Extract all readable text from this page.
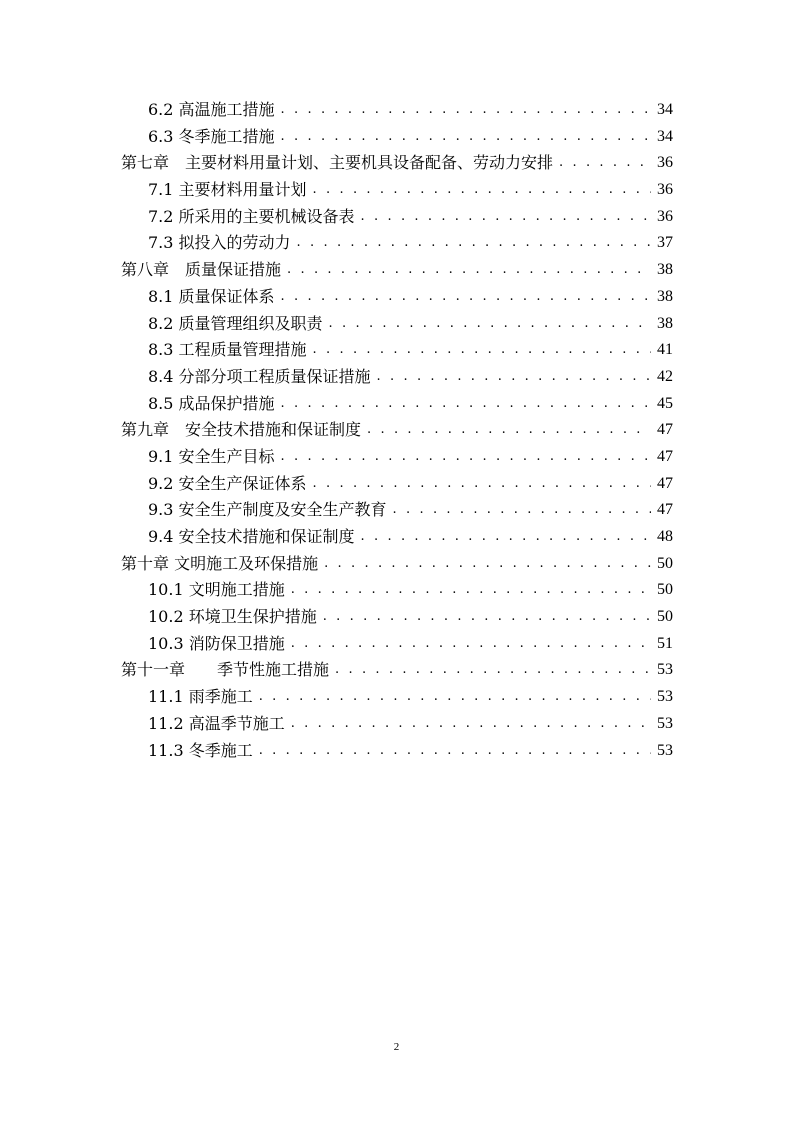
6.2 高温施工措施 . . .	34
6.3 冬季施工措施 . . .	34
第七章　主要材料用量计划、主要机具设备配备、劳动力安排 . . .	36
7.1 主要材料用量计划 . . .	36
7.2 所采用的主要机械设备表 . . .	36
7.3 拟投入的劳动力 . . .	37
第八章　质量保证措施 . . .	38
8.1 质量保证体系 . . .	38
8.2 质量管理组织及职责 . . .	38
8.3 工程质量管理措施 . . .	41
8.4 分部分项工程质量保证措施 . . .	42
8.5 成品保护措施 . . .	45
第九章　安全技术措施和保证制度 . . .	47
9.1 安全生产目标 . . .	47
9.2 安全生产保证体系 . . .	47
9.3 安全生产制度及安全生产教育 . . .	47
9.4 安全技术措施和保证制度 . . .	48
第十章 文明施工及环保措施 . . .	50
10.1 文明施工措施 . . .	50
10.2 环境卫生保护措施 . . .	50
10.3 消防保卫措施 . . .	51
第十一章　　季节性施工措施 . . .	53
11.1 雨季施工 . . .	53
11.2 高温季节施工 . . .	53
11.3 冬季施工 . . .	53
2
